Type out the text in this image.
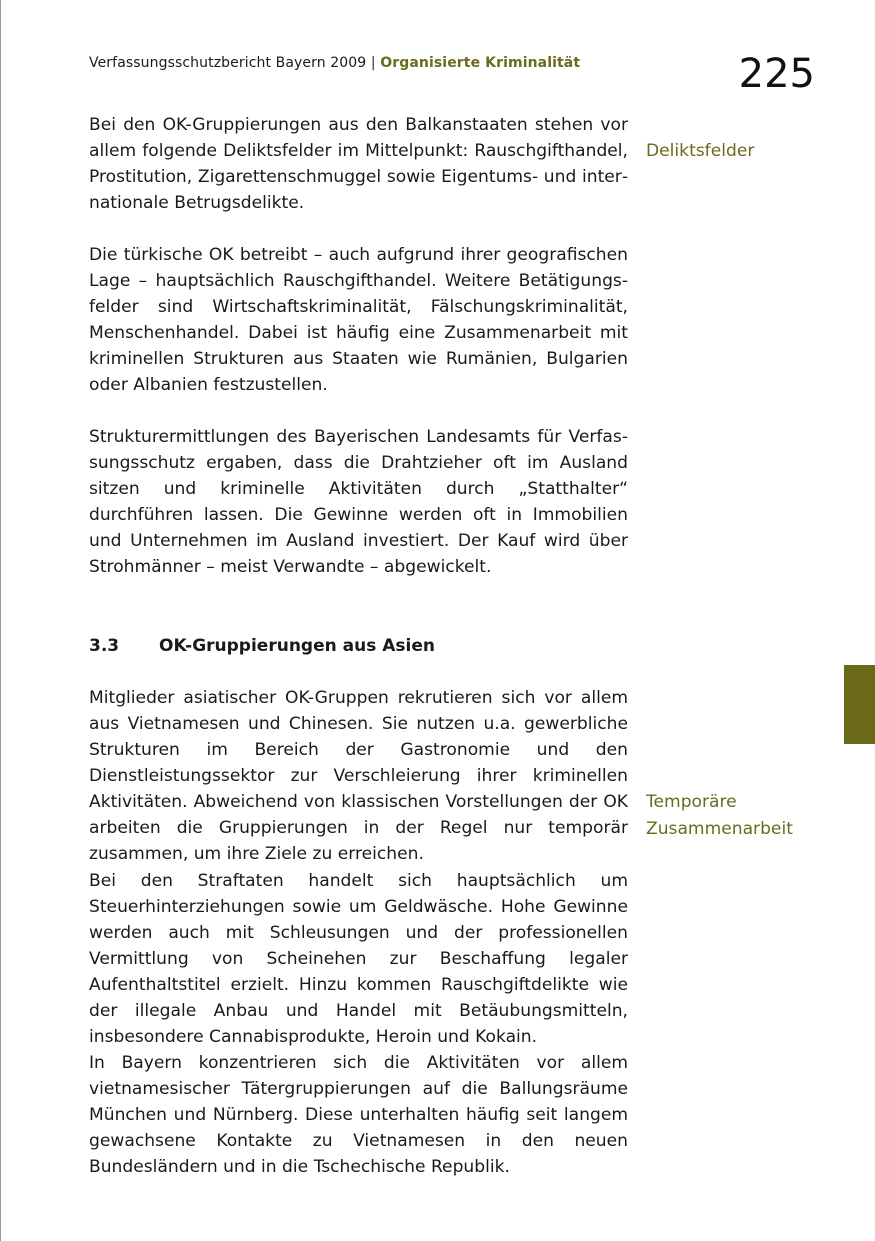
Verfassungsschutzbericht Bayern 2009 | Organisierte Kriminalität	225

Bei den OK-Gruppierungen aus den Balkanstaaten stehen vor allem folgende Deliktsfelder im Mittelpunkt: Rauschgifthandel, Prostitution, Zigarettenschmuggel sowie Eigentums- und internationale Betrugsdelikte.

Deliktsfelder

Die türkische OK betreibt – auch aufgrund ihrer geografischen Lage – hauptsächlich Rauschgifthandel. Weitere Betätigungsfelder sind Wirtschaftskriminalität, Fälschungskriminalität, Menschenhandel. Dabei ist häufig eine Zusammenarbeit mit kriminellen Strukturen aus Staaten wie Rumänien, Bulgarien oder Albanien festzustellen.

Strukturermittlungen des Bayerischen Landesamts für Verfassungsschutz ergaben, dass die Drahtzieher oft im Ausland sitzen und kriminelle Aktivitäten durch „Statthalter“ durchführen lassen. Die Gewinne werden oft in Immobilien und Unternehmen im Ausland investiert. Der Kauf wird über Strohmänner – meist Verwandte – abgewickelt.

3.3 OK-Gruppierungen aus Asien

Mitglieder asiatischer OK-Gruppen rekrutieren sich vor allem aus Vietnamesen und Chinesen. Sie nutzen u.a. gewerbliche Strukturen im Bereich der Gastronomie und den Dienstleistungssektor zur Verschleierung ihrer kriminellen Aktivitäten. Abweichend von klassischen Vorstellungen der OK arbeiten die Gruppierungen in der Regel nur temporär zusammen, um ihre Ziele zu erreichen.

Temporäre
Zusammenarbeit

Bei den Straftaten handelt sich hauptsächlich um Steuerhinterziehungen sowie um Geldwäsche. Hohe Gewinne werden auch mit Schleusungen und der professionellen Vermittlung von Scheinehen zur Beschaffung legaler Aufenthaltstitel erzielt. Hinzu kommen Rauschgiftdelikte wie der illegale Anbau und Handel mit Betäubungsmitteln, insbesondere Cannabisprodukte, Heroin und Kokain.

In Bayern konzentrieren sich die Aktivitäten vor allem vietnamesischer Tätergruppierungen auf die Ballungsräume München und Nürnberg. Diese unterhalten häufig seit langem gewachsene Kontakte zu Vietnamesen in den neuen Bundesländern und in die Tschechische Republik.
